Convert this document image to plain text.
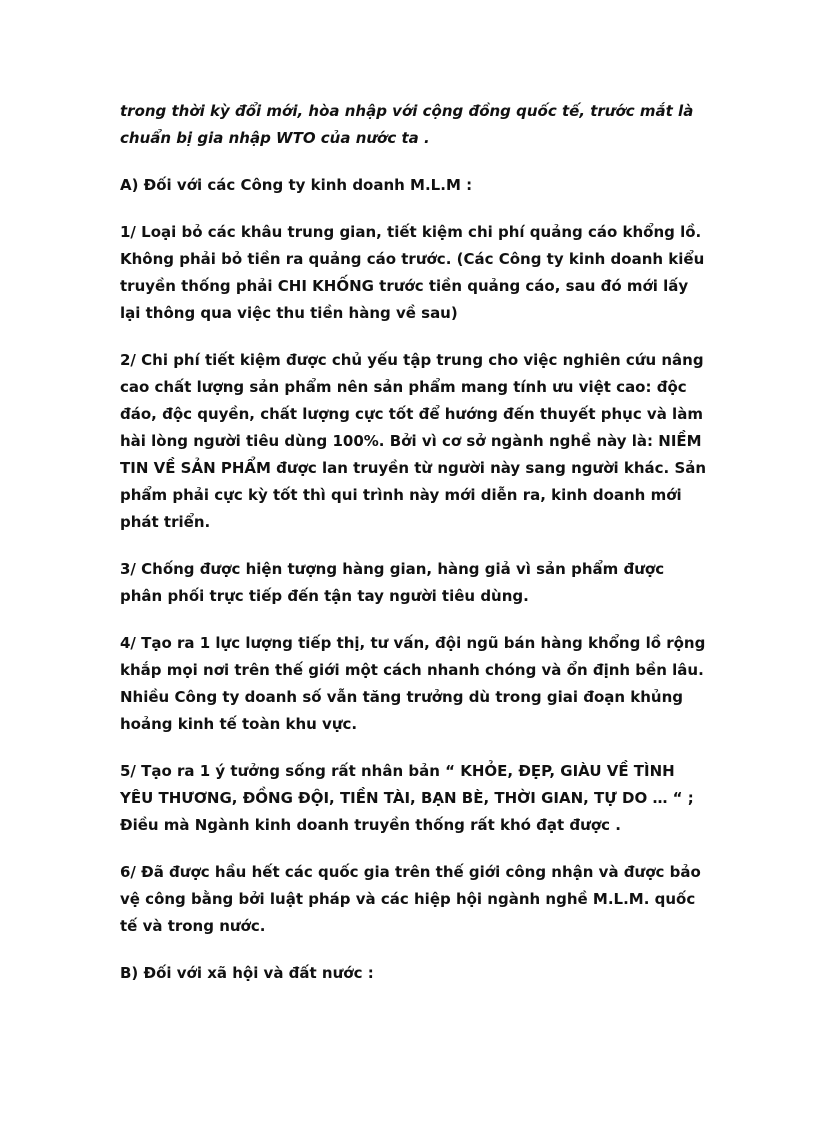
trong thời kỳ đổi mới, hòa nhập với cộng đồng quốc tế, trước mắt là chuẩn bị gia nhập WTO của nước ta .

A) Đối với các Công ty kinh doanh M.L.M :

1/ Loại bỏ các khâu trung gian, tiết kiệm chi phí quảng cáo khổng lồ. Không phải bỏ tiền ra quảng cáo trước. (Các Công ty kinh doanh kiểu truyền thống phải CHI KHỐNG trước tiền quảng cáo, sau đó mới lấy lại thông qua việc thu tiền hàng về sau)

2/ Chi phí tiết kiệm được chủ yếu tập trung cho việc nghiên cứu nâng cao chất lượng sản phẩm nên sản phẩm mang tính ưu việt cao: độc đáo, độc quyền, chất lượng cực tốt để hướng đến thuyết phục và làm hài lòng người tiêu dùng 100%. Bởi vì cơ sở ngành nghề này là: NIỀM TIN VỀ SẢN PHẨM được lan truyền từ người này sang người khác. Sản phẩm phải cực kỳ tốt thì qui trình này mới diễn ra, kinh doanh mới phát triển.

3/ Chống được hiện tượng hàng gian, hàng giả vì sản phẩm được phân phối trực tiếp đến tận tay người tiêu dùng.

4/ Tạo ra 1 lực lượng tiếp thị, tư vấn, đội ngũ bán hàng khổng lồ rộng khắp mọi nơi trên thế giới một cách nhanh chóng và ổn định bền lâu. Nhiều Công ty doanh số vẫn tăng trưởng dù trong giai đoạn khủng hoảng kinh tế toàn khu vực.

5/ Tạo ra 1 ý tưởng sống rất nhân bản “ KHỎE, ĐẸP, GIÀU VỀ TÌNH YÊU THƯƠNG, ĐỒNG ĐỘI, TIỀN TÀI, BẠN BÈ, THỜI GIAN, TỰ DO … “ ; Điều mà Ngành kinh doanh truyền thống rất khó đạt được .

6/ Đã được hầu hết các quốc gia trên thế giới công nhận và được bảo vệ công bằng bởi luật pháp và các hiệp hội ngành nghề M.L.M. quốc tế và trong nước.

B) Đối với xã hội và đất nước :
